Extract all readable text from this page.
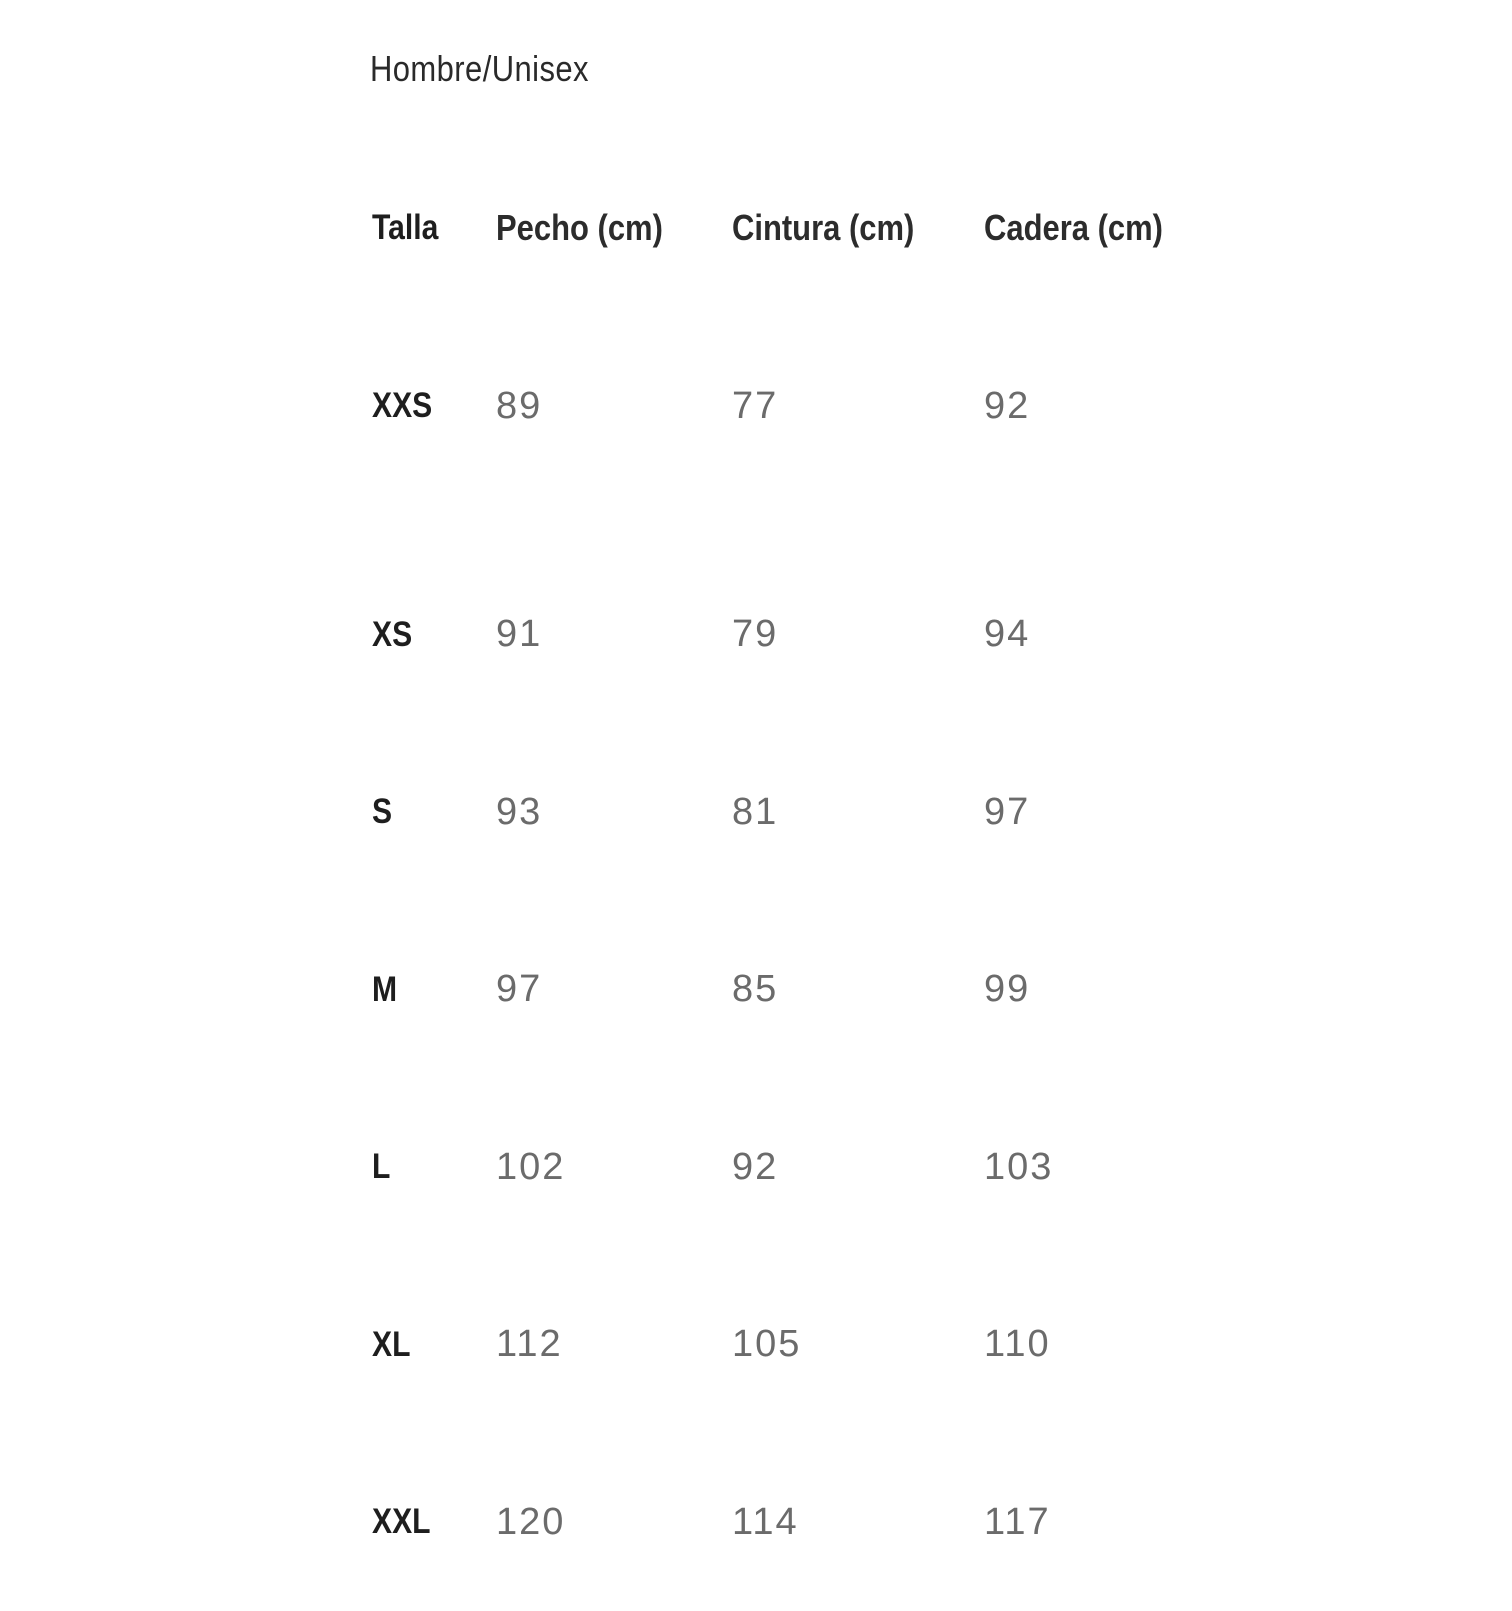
Hombre/Unisex
Talla	Pecho (cm)	Cintura (cm)	Cadera (cm)
XXS	89	77	92
XS	91	79	94
S	93	81	97
M	97	85	99
L	102	92	103
XL	112	105	110
XXL	120	114	117
